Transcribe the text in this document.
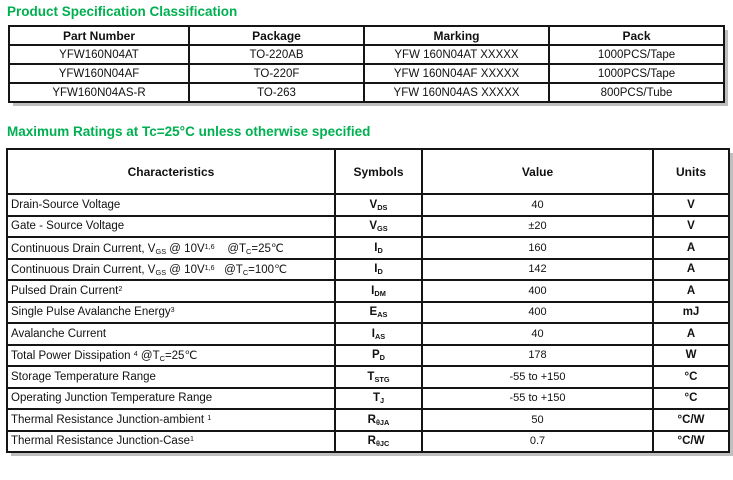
Product Specification Classification
Part Number	Package	Marking	Pack
YFW160N04AT	TO-220AB	YFW 160N04AT XXXXX	1000PCS/Tape
YFW160N04AF	TO-220F	YFW 160N04AF XXXXX	1000PCS/Tape
YFW160N04AS-R	TO-263	YFW 160N04AS XXXXX	800PCS/Tube
Maximum Ratings at Tc=25°C unless otherwise specified
Characteristics	Symbols	Value	Units
Drain-Source Voltage	$V_{DS}$	40	V
Gate - Source Voltage	$V_{GS}$	±20	V
Continuous Drain Current, $V_{GS}$ @ $10V^{1,6}$    $@T_C=25℃$	$I_D$	160	A
Continuous Drain Current, $V_{GS}$ @ $10V^{1,6}$   $@T_C=100℃$	$I_D$	142	A
Pulsed Drain Current$^2$	$I_{DM}$	400	A
Single Pulse Avalanche Energy$^3$	$E_{AS}$	400	mJ
Avalanche Current	$I_{AS}$	40	A
Total Power Dissipation $^4$ $@T_C=25℃$	$P_D$	178	W
Storage Temperature Range	$T_{STG}$	-55 to +150	°C
Operating Junction Temperature Range	$T_J$	-55 to +150	°C
Thermal Resistance Junction-ambient $^1$	$R_{\theta JA}$	50	°C/W
Thermal Resistance Junction-Case$^1$	$R_{\theta JC}$	0.7	°C/W
